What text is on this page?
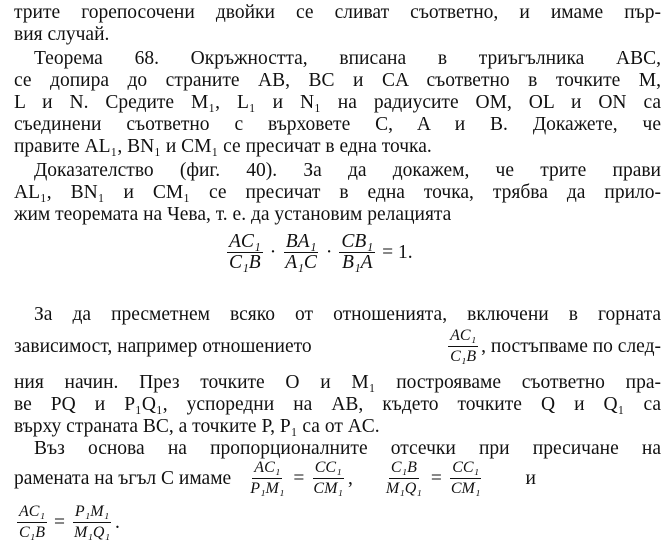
трите горепосочени двойки се сливат съответно, и имаме пър-
вия случай.
Теорема 68. Окръжността, вписана в триъгълника ABC,
се допира до страните AB, BC и CA съответно в точките M,
L и N. Средите M₁, L₁ и N₁ на радиусите OM, OL и ON са
съединени съответно с върховете C, A и B. Докажете, че
правите AL₁, BN₁ и CM₁ се пресичат в една точка.
Доказателство (фиг. 40). За да докажем, че трите прави
AL₁, BN₁ и CM₁ се пресичат в една точка, трябва да прило-
жим теоремата на Чева, т. е. да установим релацията
$\frac{\text{AC₁}}{\text{C₁B}} \cdot \frac{\text{BA₁}}{\text{A₁C}} \cdot \frac{\text{CB₁}}{\text{B₁A}} = 1$.
За да пресметнем всяко от отношенията, включени в горната
зависимост, например отношението	$\frac{\text{AC₁}}{\text{C₁B}}$ , постъпваме по след-
ния начин. През точките O и M₁ построяваме съответно пра-
ве PQ и P₁Q₁, успоредни на AB, където точките Q и Q₁ са
върху страната BC, а точките P, P₁ са от AC.
Въз основа на пропорционалните отсечки при пресичане на
рамената на ъгъл C имаме $\frac{\text{AC₁}}{\text{P₁M₁}} = \frac{\text{CC₁}}{\text{CM₁}}$ , $\frac{\text{C₁B}}{\text{M₁Q₁}} = \frac{\text{CC₁}}{\text{CM₁}}$ и
$\frac{\text{AC₁}}{\text{C₁B}} = \frac{\text{P₁M₁}}{\text{M₁Q₁}}$ .
